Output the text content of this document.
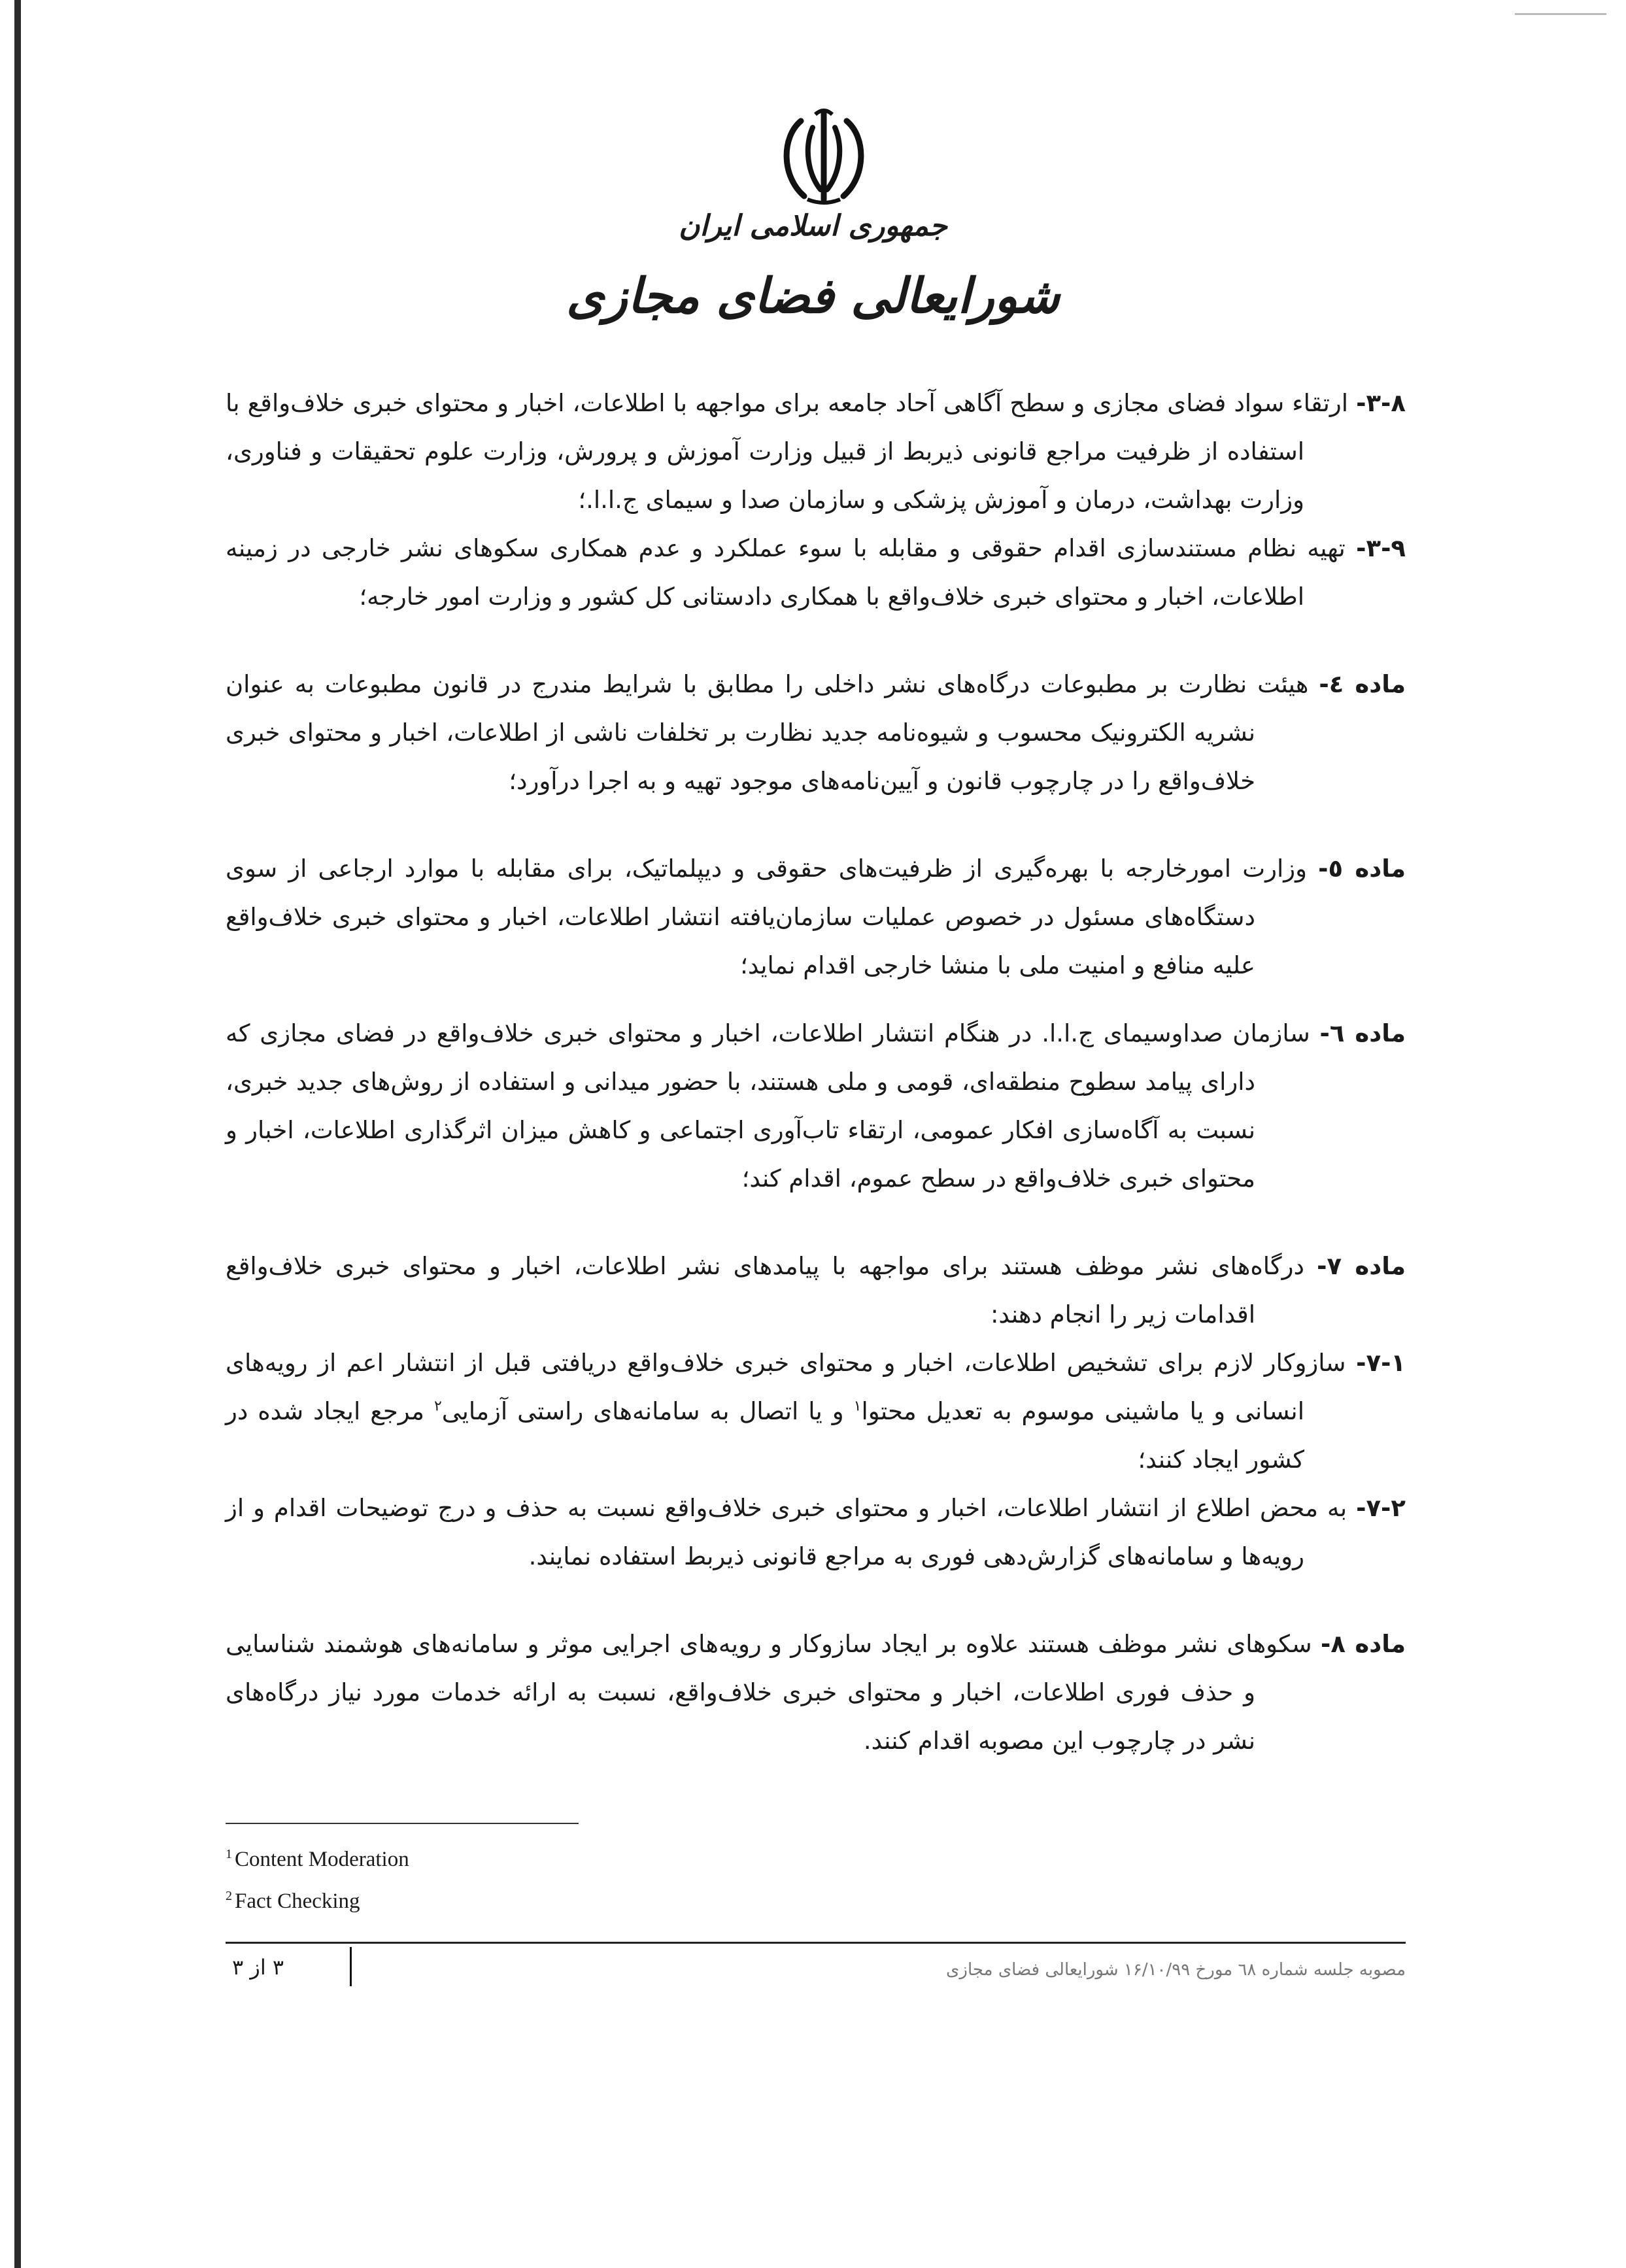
جمهوری اسلامی ایران
شورایعالی فضای مجازی
۳-۸- ارتقاء سواد فضای مجازی و سطح آگاهی آحاد جامعه برای مواجهه با اطلاعات، اخبار و محتوای خبری خلاف‌واقع با استفاده از ظرفیت مراجع قانونی ذیربط از قبیل وزارت آموزش و پرورش، وزارت علوم تحقیقات و فناوری، وزارت بهداشت، درمان و آموزش پزشکی و سازمان صدا و سیمای ج.ا.ا.؛
۳-۹- تهیه نظام مستندسازی اقدام حقوقی و مقابله با سوء عملکرد و عدم همکاری سکوهای نشر خارجی در زمینه اطلاعات، اخبار و محتوای خبری خلاف‌واقع با همکاری دادستانی کل کشور و وزارت امور خارجه؛
ماده ٤- هیئت نظارت بر مطبوعات درگاه‌های نشر داخلی را مطابق با شرایط مندرج در قانون مطبوعات به عنوان نشریه الکترونیک محسوب و شیوه‌نامه جدید نظارت بر تخلفات ناشی از اطلاعات، اخبار و محتوای خبری خلاف‌واقع را در چارچوب قانون و آیین‌نامه‌های موجود تهیه و به اجرا درآورد؛
ماده ٥- وزارت امورخارجه با بهره‌گیری از ظرفیت‌های حقوقی و دیپلماتیک، برای مقابله با موارد ارجاعی از سوی دستگاه‌های مسئول در خصوص عملیات سازمان‌یافته انتشار اطلاعات، اخبار و محتوای خبری خلاف‌واقع علیه منافع و امنیت ملی با منشا خارجی اقدام نماید؛
ماده ٦- سازمان صداوسیمای ج.ا.ا. در هنگام انتشار اطلاعات، اخبار و محتوای خبری خلاف‌واقع در فضای مجازی که دارای پیامد سطوح منطقه‌ای، قومی و ملی هستند، با حضور میدانی و استفاده از روش‌های جدید خبری، نسبت به آگاه‌سازی افکار عمومی، ارتقاء تاب‌آوری اجتماعی و کاهش میزان اثرگذاری اطلاعات، اخبار و محتوای خبری خلاف‌واقع در سطح عموم، اقدام کند؛
ماده ٧- درگاه‌های نشر موظف هستند برای مواجهه با پیامدهای نشر اطلاعات، اخبار و محتوای خبری خلاف‌واقع اقدامات زیر را انجام دهند:
۷-۱- سازوکار لازم برای تشخیص اطلاعات، اخبار و محتوای خبری خلاف‌واقع دریافتی قبل از انتشار اعم از رویه‌های انسانی و یا ماشینی موسوم به تعدیل محتوا$^١$ و یا اتصال به سامانه‌های راستی آزمایی$^٢$ مرجع ایجاد شده در کشور ایجاد کنند؛
۷-۲- به محض اطلاع از انتشار اطلاعات، اخبار و محتوای خبری خلاف‌واقع نسبت به حذف و درج توضیحات اقدام و از رویه‌ها و سامانه‌های گزارش‌دهی فوری به مراجع قانونی ذیربط استفاده نمایند.
ماده ۸- سکوهای نشر موظف هستند علاوه بر ایجاد سازوکار و رویه‌های اجرایی موثر و سامانه‌های هوشمند شناسایی و حذف فوری اطلاعات، اخبار و محتوای خبری خلاف‌واقع، نسبت به ارائه خدمات مورد نیاز درگاه‌های نشر در چارچوب این مصوبه اقدام کنند.
$^1$ Content Moderation
$^2$ Fact Checking
٣ از ٣	مصوبه جلسه شماره ٦٨ مورخ ۱۶/۱۰/۹۹ شورایعالی فضای مجازی
